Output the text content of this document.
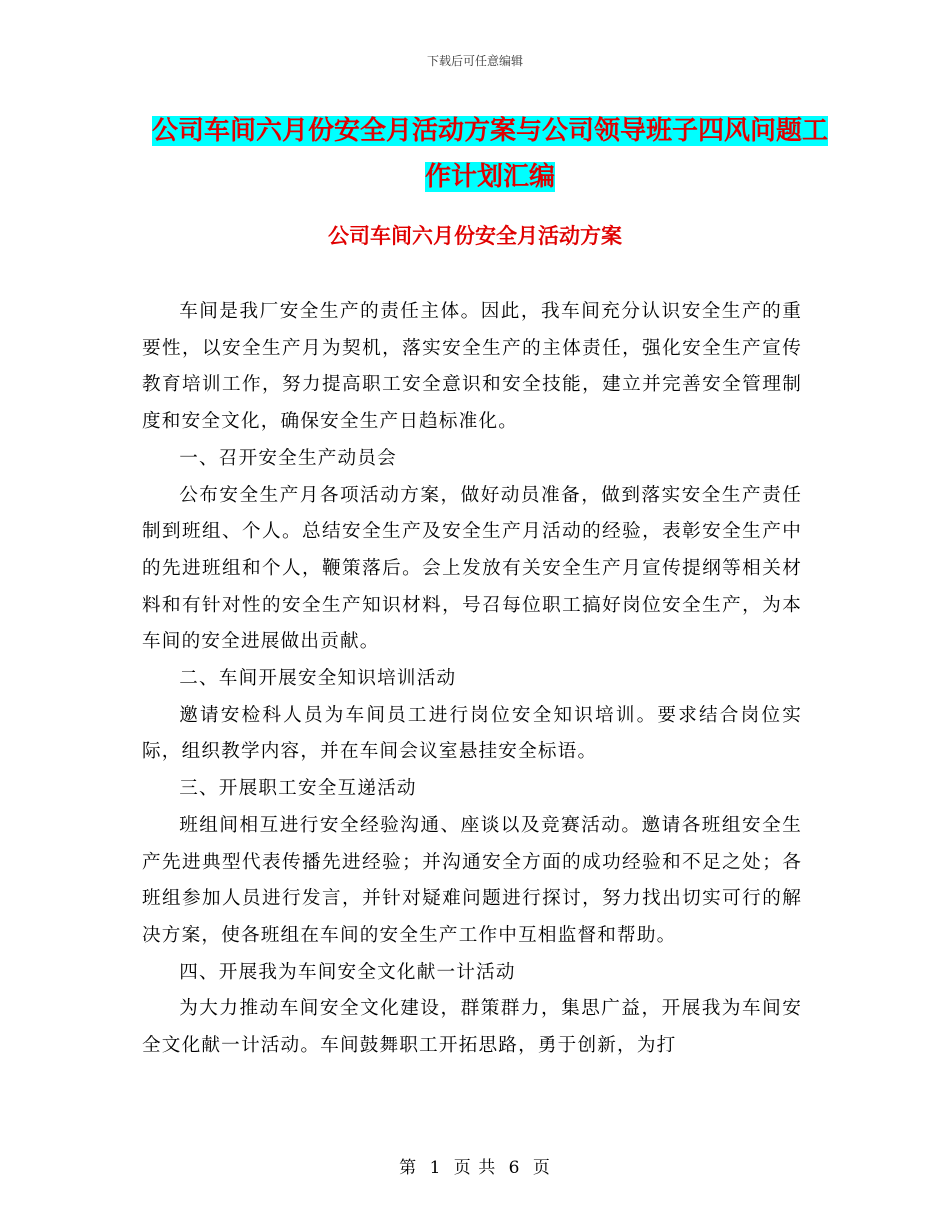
下载后可任意编辑
公司车间六月份安全月活动方案与公司领导班子四风问题工作计划汇编
公司车间六月份安全月活动方案

车间是我厂安全生产的责任主体。因此，我车间充分认识安全生产的重要性，以安全生产月为契机，落实安全生产的主体责任，强化安全生产宣传教育培训工作，努力提高职工安全意识和安全技能，建立并完善安全管理制度和安全文化，确保安全生产日趋标准化。

一、召开安全生产动员会

公布安全生产月各项活动方案，做好动员准备，做到落实安全生产责任制到班组、个人。总结安全生产及安全生产月活动的经验，表彰安全生产中的先进班组和个人，鞭策落后。会上发放有关安全生产月宣传提纲等相关材料和有针对性的安全生产知识材料，号召每位职工搞好岗位安全生产，为本车间的安全进展做出贡献。

二、车间开展安全知识培训活动

邀请安检科人员为车间员工进行岗位安全知识培训。要求结合岗位实际，组织教学内容，并在车间会议室悬挂安全标语。

三、开展职工安全互递活动

班组间相互进行安全经验沟通、座谈以及竞赛活动。邀请各班组安全生产先进典型代表传播先进经验；并沟通安全方面的成功经验和不足之处；各班组参加人员进行发言，并针对疑难问题进行探讨，努力找出切实可行的解决方案，使各班组在车间的安全生产工作中互相监督和帮助。

四、开展我为车间安全文化献一计活动

为大力推动车间安全文化建设，群策群力，集思广益，开展我为车间安全文化献一计活动。车间鼓舞职工开拓思路，勇于创新，为打

第 1 页 共 6 页
